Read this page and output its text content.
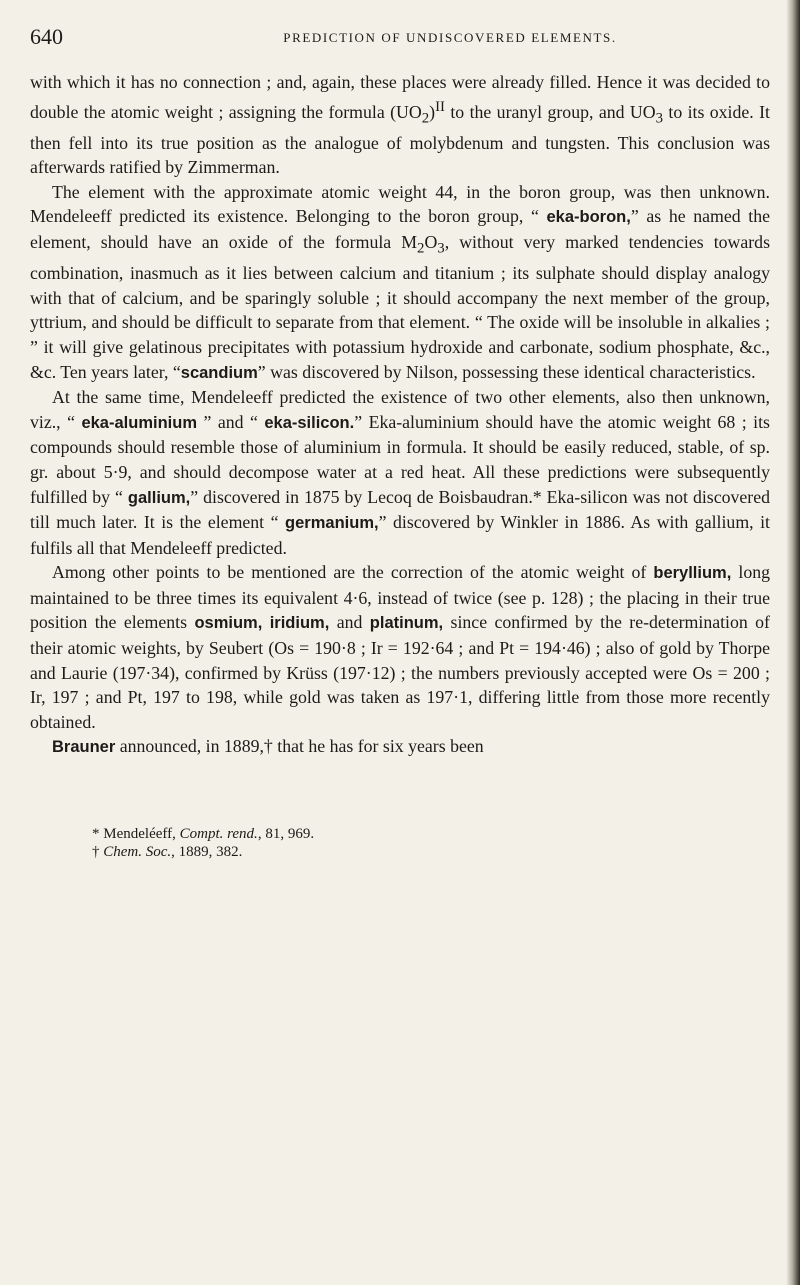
640	PREDICTION OF UNDISCOVERED ELEMENTS.

with which it has no connection ; and, again, these places were already filled. Hence it was decided to double the atomic weight ; assigning the formula $(UO_2)^{II}$ to the uranyl group, and $UO_3$ to its oxide. It then fell into its true position as the analogue of molybdenum and tungsten. This conclusion was afterwards ratified by Zimmerman.

The element with the approximate atomic weight 44, in the boron group, was then unknown. Mendeleeff predicted its existence. Belonging to the boron group, “ eka-boron,” as he named the element, should have an oxide of the formula $M_2O_3$, without very marked tendencies towards combination, inasmuch as it lies between calcium and titanium ; its sulphate should display analogy with that of calcium, and be sparingly soluble ; it should accompany the next member of the group, yttrium, and should be difficult to separate from that element. “ The oxide will be insoluble in alkalies ; ” it will give gelatinous precipitates with potassium hydroxide and carbonate, sodium phosphate, &c., &c. Ten years later, “scandium” was discovered by Nilson, possessing these identical characteristics.

At the same time, Mendeleeff predicted the existence of two other elements, also then unknown, viz., “ eka-aluminium ” and “ eka-silicon.” Eka-aluminium should have the atomic weight 68 ; its compounds should resemble those of aluminium in formula. It should be easily reduced, stable, of sp. gr. about 5·9, and should decompose water at a red heat. All these predictions were subsequently fulfilled by “ gallium,” discovered in 1875 by Lecoq de Boisbaudran.* Eka-silicon was not discovered till much later. It is the element “ germanium,” discovered by Winkler in 1886. As with gallium, it fulfils all that Mendeleeff predicted.

Among other points to be mentioned are the correction of the atomic weight of beryllium, long maintained to be three times its equivalent 4·6, instead of twice (see p. 128) ; the placing in their true position the elements osmium, iridium, and platinum, since confirmed by the re-determination of their atomic weights, by Seubert (Os = 190·8 ; Ir = 192·64 ; and Pt = 194·46) ; also of gold by Thorpe and Laurie (197·34), confirmed by Krüss (197·12) ; the numbers previously accepted were Os = 200 ; Ir, 197 ; and Pt, 197 to 198, while gold was taken as 197·1, differing little from those more recently obtained.

Brauner announced, in 1889,† that he has for six years been

* Mendeléeff, Compt. rend., 81, 969.
† Chem. Soc., 1889, 382.
